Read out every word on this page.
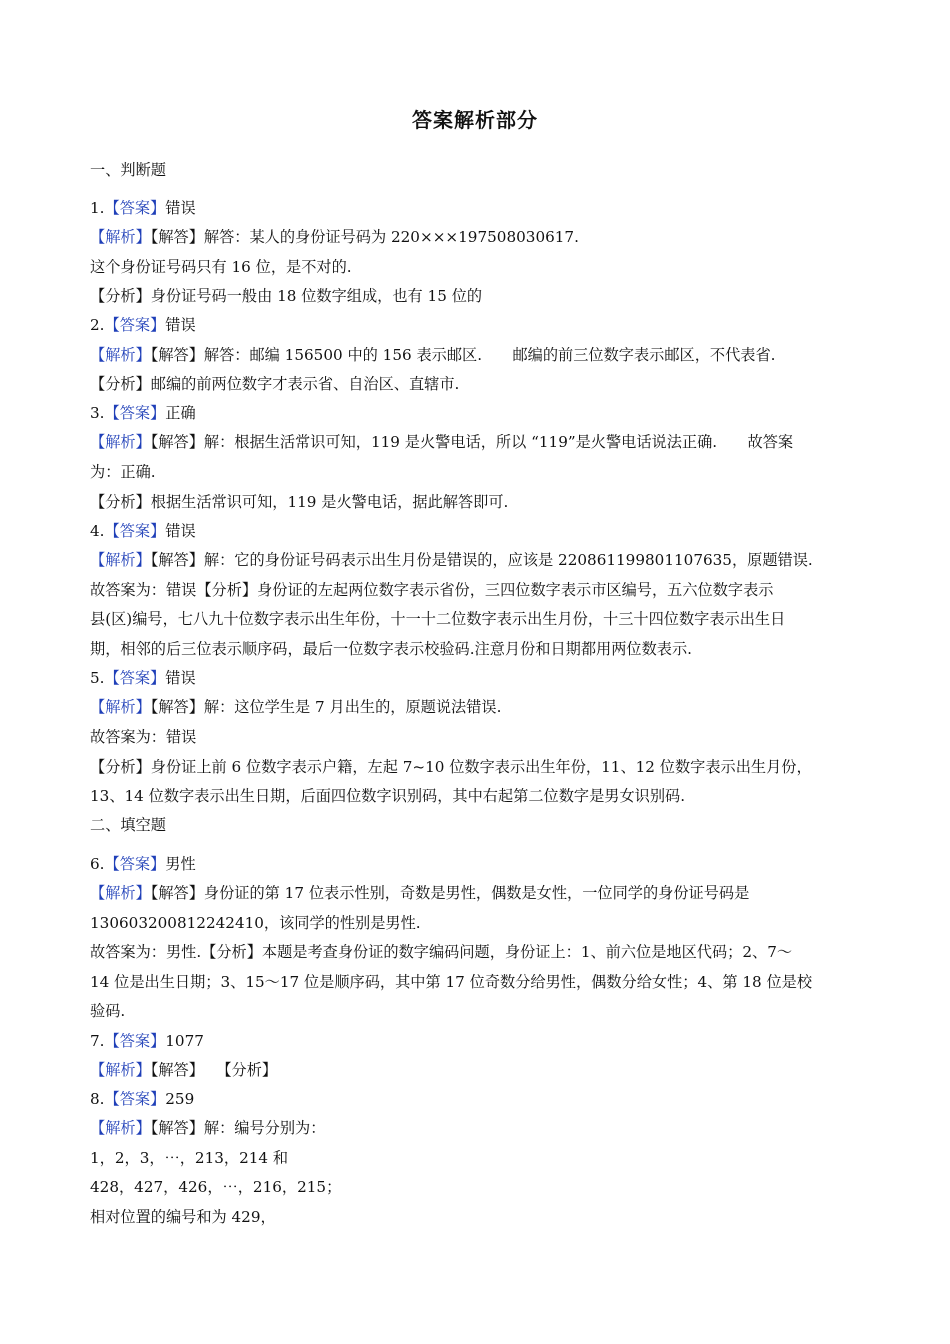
答案解析部分
一、判断题
1.【答案】错误
【解析】【解答】解答：某人的身份证号码为 220×××197508030617.
这个身份证号码只有 16 位，是不对的.
【分析】身份证号码一般由 18 位数字组成，也有 15 位的
2.【答案】错误
【解析】【解答】解答：邮编 156500 中的 156 表示邮区.　　邮编的前三位数字表示邮区，不代表省.
【分析】邮编的前两位数字才表示省、自治区、直辖市.
3.【答案】正确
【解析】【解答】解：根据生活常识可知，119 是火警电话，所以 “119”是火警电话说法正确.　　故答案
为：正确.
【分析】根据生活常识可知，119 是火警电话，据此解答即可.
4.【答案】错误
【解析】【解答】解：它的身份证号码表示出生月份是错误的，应该是 220861199801107635，原题错误.
故答案为：错误【分析】身份证的左起两位数字表示省份，三四位数字表示市区编号，五六位数字表示
县(区)编号，七八九十位数字表示出生年份，十一十二位数字表示出生月份，十三十四位数字表示出生日
期，相邻的后三位表示顺序码，最后一位数字表示校验码.注意月份和日期都用两位数表示.
5.【答案】错误
【解析】【解答】解：这位学生是 7 月出生的，原题说法错误.
故答案为：错误
【分析】身份证上前 6 位数字表示户籍，左起 7~10 位数字表示出生年份，11、12 位数字表示出生月份，
13、14 位数字表示出生日期，后面四位数字识别码，其中右起第二位数字是男女识别码.
二、填空题
6.【答案】男性
【解析】【解答】身份证的第 17 位表示性别，奇数是男性，偶数是女性，一位同学的身份证号码是
130603200812242410，该同学的性别是男性.
故答案为：男性.【分析】本题是考查身份证的数字编码问题，身份证上：1、前六位是地区代码；2、7～
14 位是出生日期；3、15～17 位是顺序码，其中第 17 位奇数分给男性，偶数分给女性；4、第 18 位是校
验码.
7.【答案】1077
【解析】【解答】　 【分析】
8.【答案】259
【解析】【解答】解：编号分别为：
1，2，3，⋯，213，214 和
428，427，426，⋯，216，215；
相对位置的编号和为 429，
